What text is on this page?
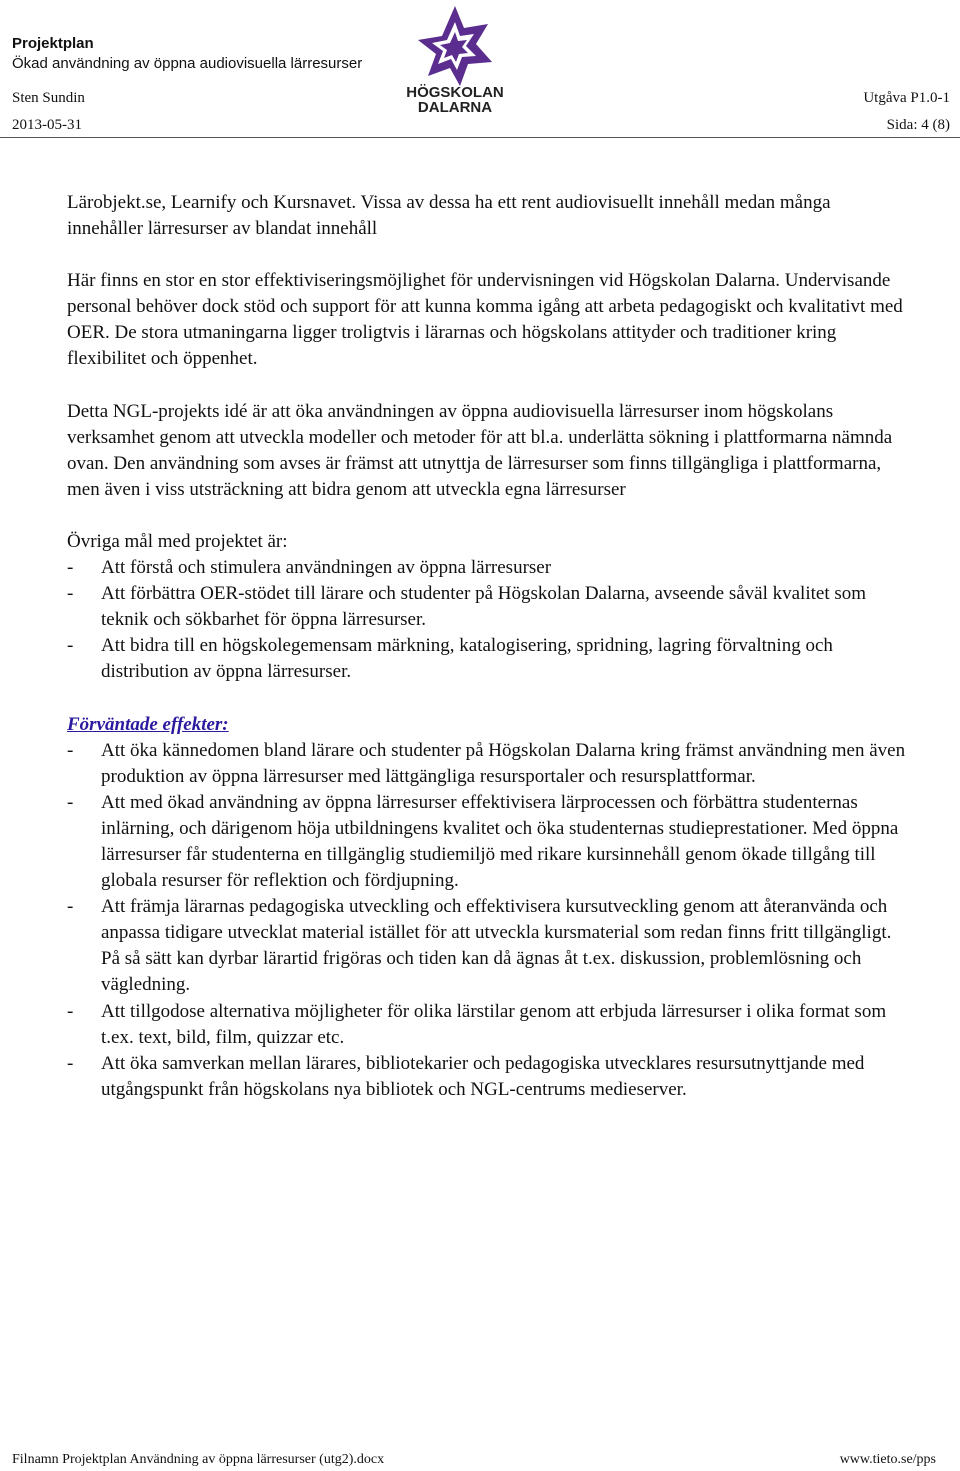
Projektplan
Ökad användning av öppna audiovisuella lärresurser
Sten Sundin
2013-05-31
Utgåva P1.0-1
Sida: 4 (8)
HÖGSKOLAN
DALARNA

Lärobjekt.se, Learnify och Kursnavet. Vissa av dessa ha ett rent audiovisuellt innehåll medan många innehåller lärresurser av blandat innehåll

Här finns en stor en stor effektiviseringsmöjlighet för undervisningen vid Högskolan Dalarna. Undervisande personal behöver dock stöd och support för att kunna komma igång att arbeta pedagogiskt och kvalitativt med OER. De stora utmaningarna ligger troligtvis i lärarnas och högskolans attityder och traditioner kring flexibilitet och öppenhet.

Detta NGL-projekts idé är att öka användningen av öppna audiovisuella lärresurser inom högskolans verksamhet genom att utveckla modeller och metoder för att bl.a. underlätta sökning i plattformarna nämnda ovan. Den användning som avses är främst att utnyttja de lärresurser som finns tillgängliga i plattformarna, men även i viss utsträckning att bidra genom att utveckla egna lärresurser

Övriga mål med projektet är:

- Att förstå och stimulera användningen av öppna lärresurser
- Att förbättra OER-stödet till lärare och studenter på Högskolan Dalarna, avseende såväl kvalitet som teknik och sökbarhet för öppna lärresurser.
- Att bidra till en högskolegemensam märkning, katalogisering, spridning, lagring förvaltning och distribution av öppna lärresurser.

Förväntade effekter:

- Att öka kännedomen bland lärare och studenter på Högskolan Dalarna kring främst användning men även produktion av öppna lärresurser med lättgängliga resursportaler och resursplattformar.
- Att med ökad användning av öppna lärresurser effektivisera lärprocessen och förbättra studenternas inlärning, och därigenom höja utbildningens kvalitet och öka studenternas studieprestationer. Med öppna lärresurser får studenterna en tillgänglig studiemiljö med rikare kursinnehåll genom ökade tillgång till globala resurser för reflektion och fördjupning.
- Att främja lärarnas pedagogiska utveckling och effektivisera kursutveckling genom att återanvända och anpassa tidigare utvecklat material istället för att utveckla kursmaterial som redan finns fritt tillgängligt. På så sätt kan dyrbar lärartid frigöras och tiden kan då ägnas åt t.ex. diskussion, problemlösning och vägledning.
- Att tillgodose alternativa möjligheter för olika lärstilar genom att erbjuda lärresurser i olika format som t.ex. text, bild, film, quizzar etc.
- Att öka samverkan mellan lärares, bibliotekarier och pedagogiska utvecklares resursutnyttjande med utgångspunkt från högskolans nya bibliotek och NGL-centrums medieserver.
Filnamn Projektplan Användning av öppna lärresurser (utg2).docx	www.tieto.se/pps
